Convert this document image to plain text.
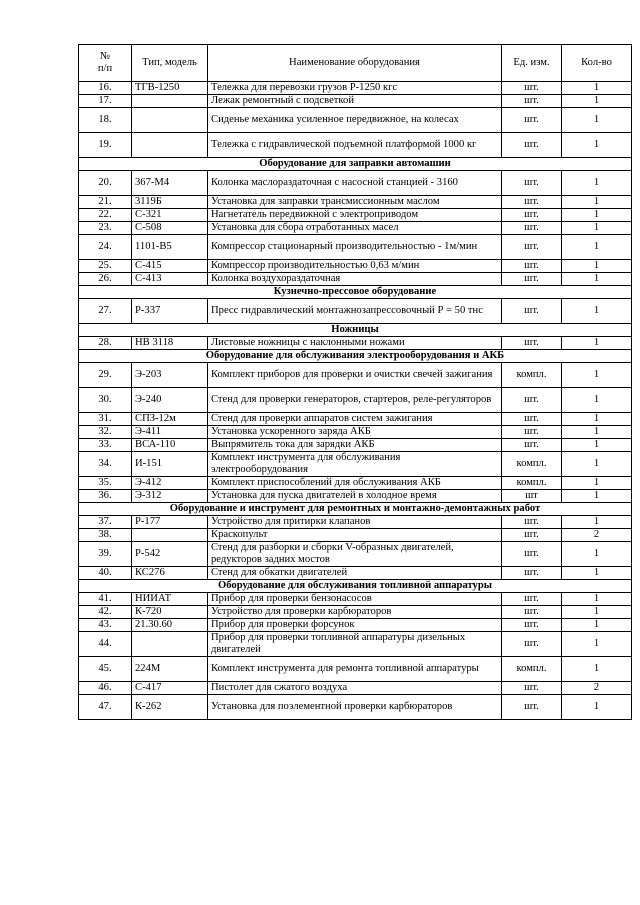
№
п/п	Тип, модель	Наименование оборудования	Ед. изм.	Кол-во
16.	ТГВ-1250	Тележка для перевозки грузов Р-1250 кгс	шт.	1
17.		Лежак ремонтный с подсветкой	шт.	1
18.		Сиденье механика усиленное передвижное, на колесах	шт.	1
19.		Тележка с гидравлической подъемной платформой 1000 кг	шт.	1
Оборудование для заправки автомашин				
20.	367-М4	Колонка маслораздаточная с насосной станцией - 3160	шт.	1
21.	3119Б	Установка для заправки трансмиссионным маслом	шт.	1
22.	С-321	Нагнетатель передвижной с электроприводом	шт.	1
23.	С-508	Установка для сбора отработанных масел	шт.	1
24.	1101-В5	Компрессор стационарный производительностью - 1м/мин	шт.	1
25.	С-415	Компрессор производительностью 0,63 м/мин	шт.	1
26.	С-413	Колонка воздухораздаточная	шт.	1
Кузнечно-прессовое оборудование				
27.	Р-337	Пресс гидравлический монтажнозапрессовочный Р = 50 тнс	шт.	1
Ножницы				
28.	НВ 3118	Листовые ножницы с наклонными ножами	шт.	1
Оборудование для обслуживания электрооборудования и АКБ				
29.	Э-203	Комплект приборов для проверки и очистки свечей зажигания	компл.	1
30.	Э-240	Стенд для проверки генераторов, стартеров, реле-регуляторов	шт.	1
31.	СПЗ-12м	Стенд для проверки аппаратов систем зажигания	шт.	1
32.	Э-411	Установка ускоренного заряда АКБ	шт.	1
33.	ВСА-110	Выпрямитель тока для зарядки АКБ	шт.	1
34.	И-151	Комплект инструмента для обслуживания электрооборудования	компл.	1
35.	Э-412	Комплект приспособлений для обслуживания АКБ	компл.	1
36.	Э-312	Установка для пуска двигателей в холодное время	шт	1
Оборудование и инструмент для ремонтных и монтажно-демонтажных работ				
37.	Р-177	Устройство для притирки клапанов	шт.	1
38.		Краскопульт	шт.	2
39.	Р-542	Стенд для разборки и сборки V-образных двигателей, редукторов задних мостов	шт.	1
40.	КС276	Стенд для обкатки двигателей	шт.	1
Оборудование для обслуживания топливной аппаратуры				
41.	НИИАТ	Прибор для проверки бензонасосов	шт.	1
42.	К-720	Устройство для проверки карбюраторов	шт.	1
43.	21.30.60	Прибор для проверки форсунок	шт.	1
44.		Прибор для проверки топливной аппаратуры дизельных двигателей	шт.	1
45.	224М	Комплект инструмента для ремонта топливной аппаратуры	компл.	1
46.	С-417	Пистолет для сжатого воздуха	шт.	2
47.	К-262	Установка для поэлементной проверки карбюраторов	шт.	1
